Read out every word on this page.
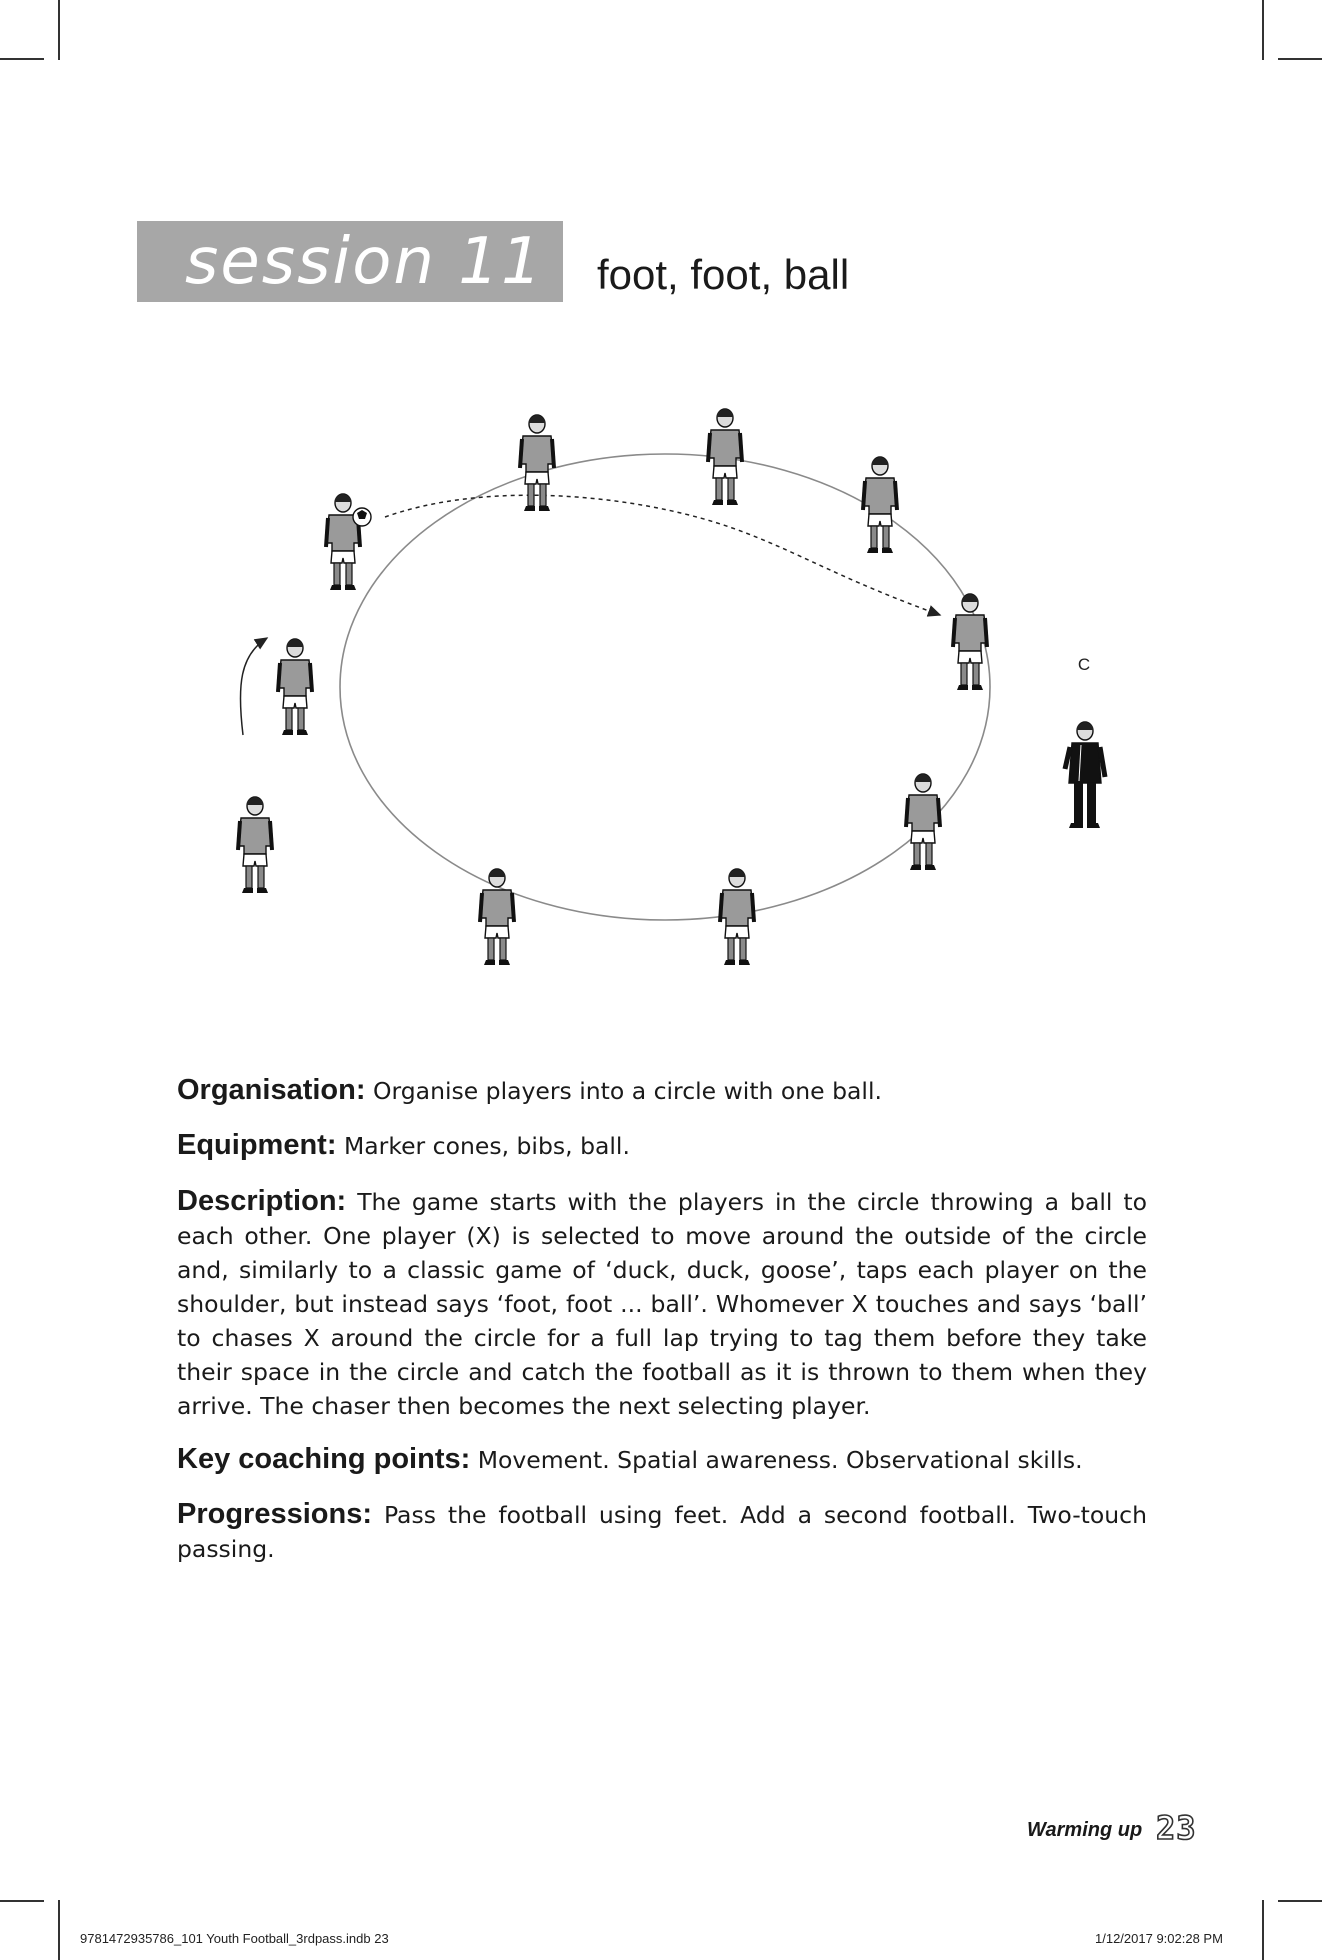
session 11 foot, foot, ball
C
Organisation: Organise players into a circle with one ball.
Equipment: Marker cones, bibs, ball.
Description: The game starts with the players in the circle throwing a ball to each other. One player (X) is selected to move around the outside of the circle and, similarly to a classic game of ‘duck, duck, goose’, taps each player on the shoulder, but instead says ‘foot, foot ... ball’. Whomever X touches and says ‘ball’ to chases X around the circle for a full lap trying to tag them before they take their space in the circle and catch the football as it is thrown to them when they arrive. The chaser then becomes the next selecting player.
Key coaching points: Movement. Spatial awareness. Observational skills.
Progressions: Pass the football using feet. Add a second football. Two-touch passing.
Warming up 23
9781472935786_101 Youth Football_3rdpass.indb 23	1/12/2017 9:02:28 PM
